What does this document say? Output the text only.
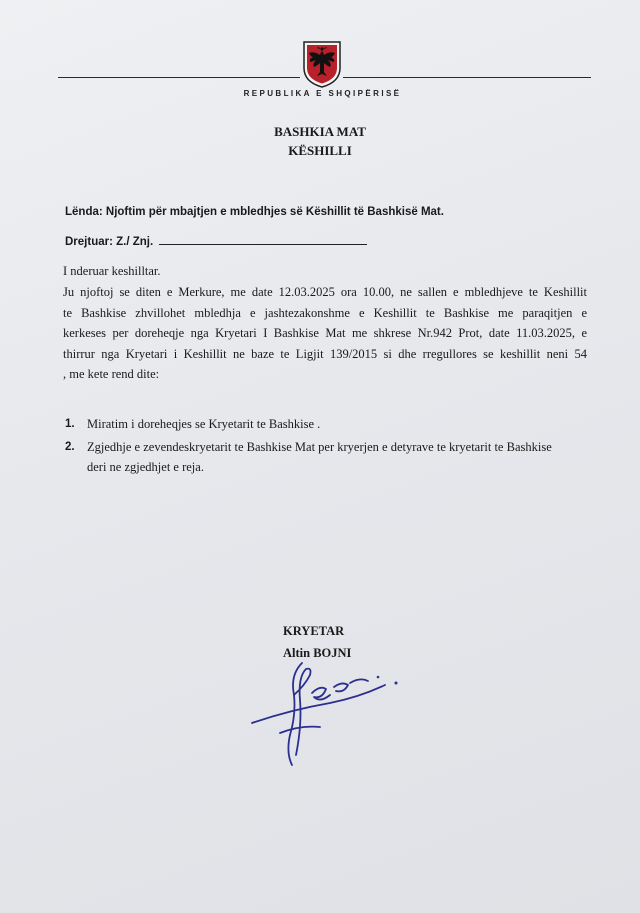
REPUBLIKA E SHQIPËRISË
BASHKIA MAT
KËSHILLI
Lënda: Njoftim për mbajtjen e mbledhjes së Këshillit të Bashkisë Mat.
Drejtuar: Z./ Znj.
I nderuar keshilltar.
Ju njoftoj se diten e Merkure, me date 12.03.2025 ora 10.00, ne sallen e mbledhjeve te Keshillit
te Bashkise zhvillohet mbledhja e jashtezakonshme e Keshillit te Bashkise me paraqitjen e
kerkeses per doreheqje nga Kryetari I Bashkise Mat me shkrese Nr.942 Prot, date 11.03.2025, e
thirrur nga Kryetari i Keshillit ne baze te Ligjit 139/2015 si dhe rregullores se keshillit neni 54
, me kete rend dite:
1. Miratim i doreheqjes se Kryetarit te Bashkise .
2. Zgjedhje e zevendeskryetarit te Bashkise Mat per kryerjen e detyrave te kryetarit te Bashkise deri ne zgjedhjet e reja.
KRYETAR
Altin BOJNI
